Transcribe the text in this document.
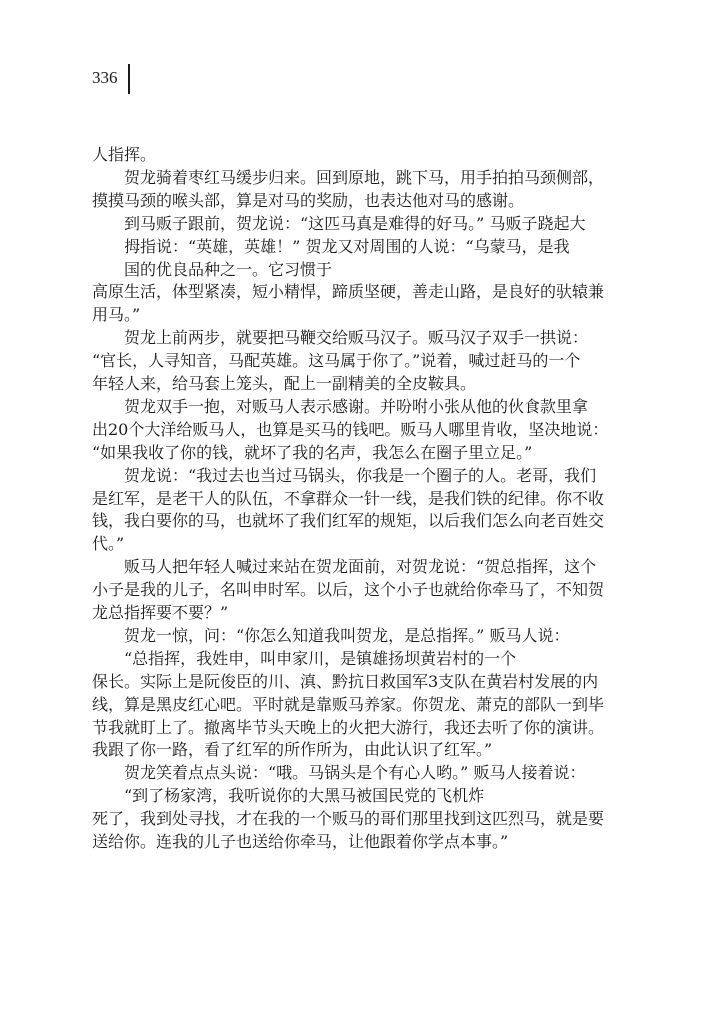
336
人指挥。
贺龙骑着枣红马缓步归来。回到原地，跳下马，用手拍拍马颈侧部，
摸摸马颈的喉头部，算是对马的奖励，也表达他对马的感谢。
到马贩子跟前，贺龙说：“这匹马真是难得的好马。” 马贩子跷起大
拇指说：“英雄，英雄！” 贺龙又对周围的人说：“乌蒙马，是我
国的优良品种之一。它习惯于
高原生活，体型紧凑，短小精悍，蹄质坚硬，善走山路，是良好的驮辕兼
用马。”
贺龙上前两步，就要把马鞭交给贩马汉子。贩马汉子双手一拱说：
“官长，人寻知音，马配英雄。这马属于你了。”说着，喊过赶马的一个
年轻人来，给马套上笼头，配上一副精美的全皮鞍具。
贺龙双手一抱，对贩马人表示感谢。并吩咐小张从他的伙食款里拿
出20个大洋给贩马人，也算是买马的钱吧。贩马人哪里肯收，坚决地说：
“如果我收了你的钱，就坏了我的名声，我怎么在圈子里立足。”
贺龙说：“我过去也当过马锅头，你我是一个圈子的人。老哥，我们
是红军，是老干人的队伍，不拿群众一针一线，是我们铁的纪律。你不收
钱，我白要你的马，也就坏了我们红军的规矩，以后我们怎么向老百姓交
代。”
贩马人把年轻人喊过来站在贺龙面前，对贺龙说：“贺总指挥，这个
小子是我的儿子，名叫申时军。以后，这个小子也就给你牵马了，不知贺
龙总指挥要不要？”
贺龙一惊，问：“你怎么知道我叫贺龙，是总指挥。” 贩马人说：
“总指挥，我姓申，叫申家川，是镇雄扬坝黄岩村的一个
保长。实际上是阮俊臣的川、滇、黔抗日救国军3支队在黄岩村发展的内
线，算是黑皮红心吧。平时就是靠贩马养家。你贺龙、萧克的部队一到毕
节我就盯上了。撤离毕节头天晚上的火把大游行，我还去听了你的演讲。
我跟了你一路，看了红军的所作所为，由此认识了红军。”
贺龙笑着点点头说：“哦。马锅头是个有心人哟。” 贩马人接着说：
“到了杨家湾，我听说你的大黑马被国民党的飞机炸
死了，我到处寻找，才在我的一个贩马的哥们那里找到这匹烈马，就是要
送给你。连我的儿子也送给你牵马，让他跟着你学点本事。”
